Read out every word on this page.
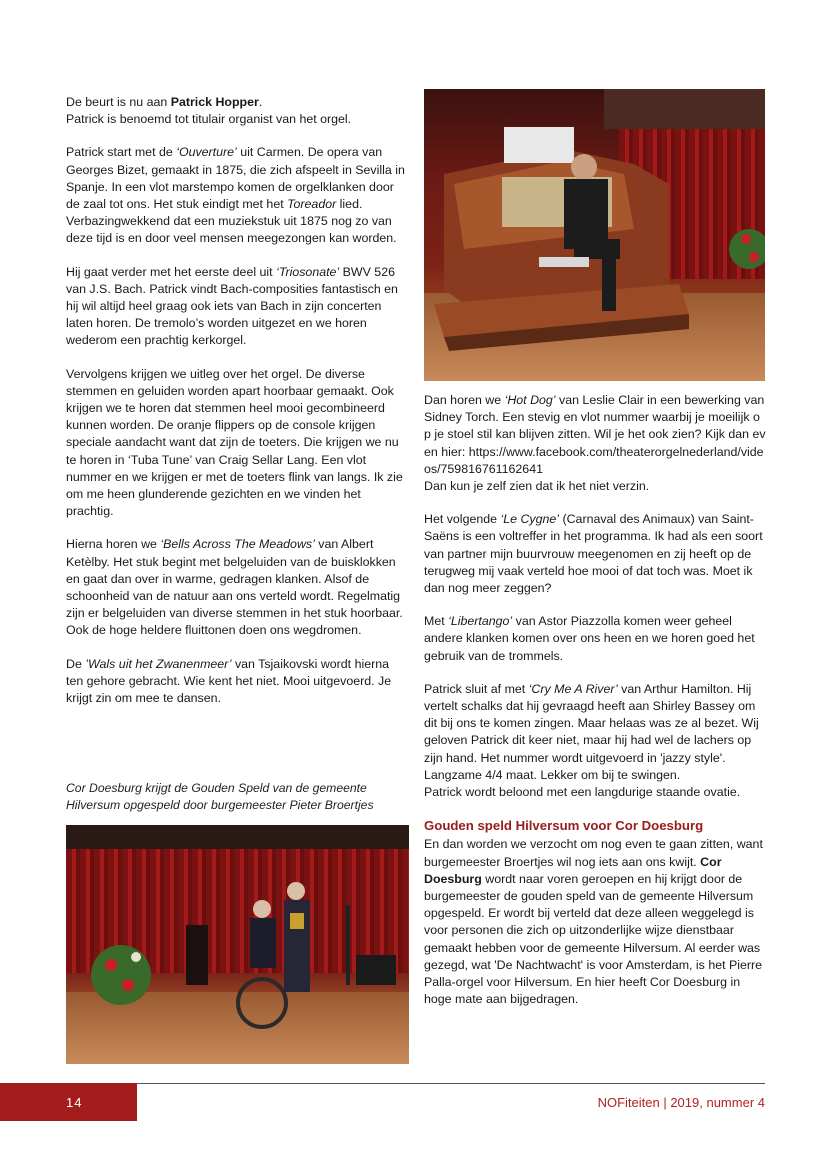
De beurt is nu aan Patrick Hopper.
Patrick is benoemd tot titulair organist van het orgel.

Patrick start met de ‘Ouverture’ uit Carmen. De opera van Georges Bizet, gemaakt in 1875, die zich afspeelt in Sevilla in Spanje. In een vlot marstempo komen de orgelklanken door de zaal tot ons. Het stuk eindigt met het Toreador lied. Verbazingwekkend dat een muziekstuk uit 1875 nog zo van deze tijd is en door veel mensen meegezongen kan worden.

Hij gaat verder met het eerste deel uit ‘Triosonate’ BWV 526 van J.S. Bach. Patrick vindt Bach-composities fantastisch en hij wil altijd heel graag ook iets van Bach in zijn concerten laten horen. De tremolo’s worden uitgezet en we horen wederom een prachtig kerkorgel.

Vervolgens krijgen we uitleg over het orgel. De diverse stemmen en geluiden worden apart hoorbaar gemaakt. Ook krijgen we te horen dat stemmen heel mooi gecombineerd kunnen worden. De oranje flippers op de console krijgen speciale aandacht want dat zijn de toeters. Die krijgen we nu te horen in ‘Tuba Tune’ van Craig Sellar Lang. Een vlot nummer en we krijgen er met de toeters flink van langs. Ik zie om me heen glunderende gezichten en we vinden het prachtig.

Hierna horen we ‘Bells Across The Meadows’ van Albert Ketèlby. Het stuk begint met belgeluiden van de buisklokken en gaat dan over in warme, gedragen klanken. Alsof de schoonheid van de natuur aan ons verteld wordt. Regelmatig zijn er belgeluiden van diverse stemmen in het stuk hoorbaar. Ook de hoge heldere fluittonen doen ons wegdromen.

De ’Wals uit het Zwanenmeer’ van Tsjaikovski wordt hierna ten gehore gebracht. Wie kent het niet. Mooi uitgevoerd. Je krijgt zin om mee te dansen.

Dan horen we ‘Hot Dog’ van Leslie Clair in een bewerking van Sidney Torch. Een stevig en vlot nummer waarbij je moeilijk op je stoel stil kan blijven zitten. Wil je het ook zien? Kijk dan even hier: https://www.facebook.com/theaterorgelnederland/videos/759816761162641
Dan kun je zelf zien dat ik het niet verzin.

Het volgende ‘Le Cygne’ (Carnaval des Animaux) van Saint-Saëns is een voltreffer in het programma. Ik had als een soort van partner mijn buurvrouw meegenomen en zij heeft op de terugweg mij vaak verteld hoe mooi of dat toch was. Moet ik dan nog meer zeggen?

Met ‘Libertango’ van Astor Piazzolla komen weer geheel andere klanken komen over ons heen en we horen goed het gebruik van de trommels.

Patrick sluit af met ‘Cry Me A River’ van Arthur Hamilton. Hij vertelt schalks dat hij gevraagd heeft aan Shirley Bassey om dit bij ons te komen zingen. Maar helaas was ze al bezet. Wij geloven Patrick dit keer niet, maar hij had wel de lachers op zijn hand. Het nummer wordt uitgevoerd in 'jazzy style'. Langzame 4/4 maat. Lekker om bij te swingen.
Patrick wordt beloond met een langdurige staande ovatie.

Gouden speld Hilversum voor Cor Doesburg

En dan worden we verzocht om nog even te gaan zitten, want burgemeester Broertjes wil nog iets aan ons kwijt. Cor Doesburg wordt naar voren geroepen en hij krijgt door de burgemeester de gouden speld van de gemeente Hilversum opgespeld. Er wordt bij verteld dat deze alleen weggelegd is voor personen die zich op uitzonderlijke wijze dienstbaar gemaakt hebben voor de gemeente Hilversum. Al eerder was gezegd, wat 'De Nachtwacht' is voor Amsterdam, is het Pierre Palla-orgel voor Hilversum. En hier heeft Cor Doesburg in hoge mate aan bijgedragen.

Cor Doesburg krijgt de Gouden Speld van de gemeente Hilversum opgespeld door burgemeester Pieter Broertjes
14	NOFiteiten | 2019, nummer 4
